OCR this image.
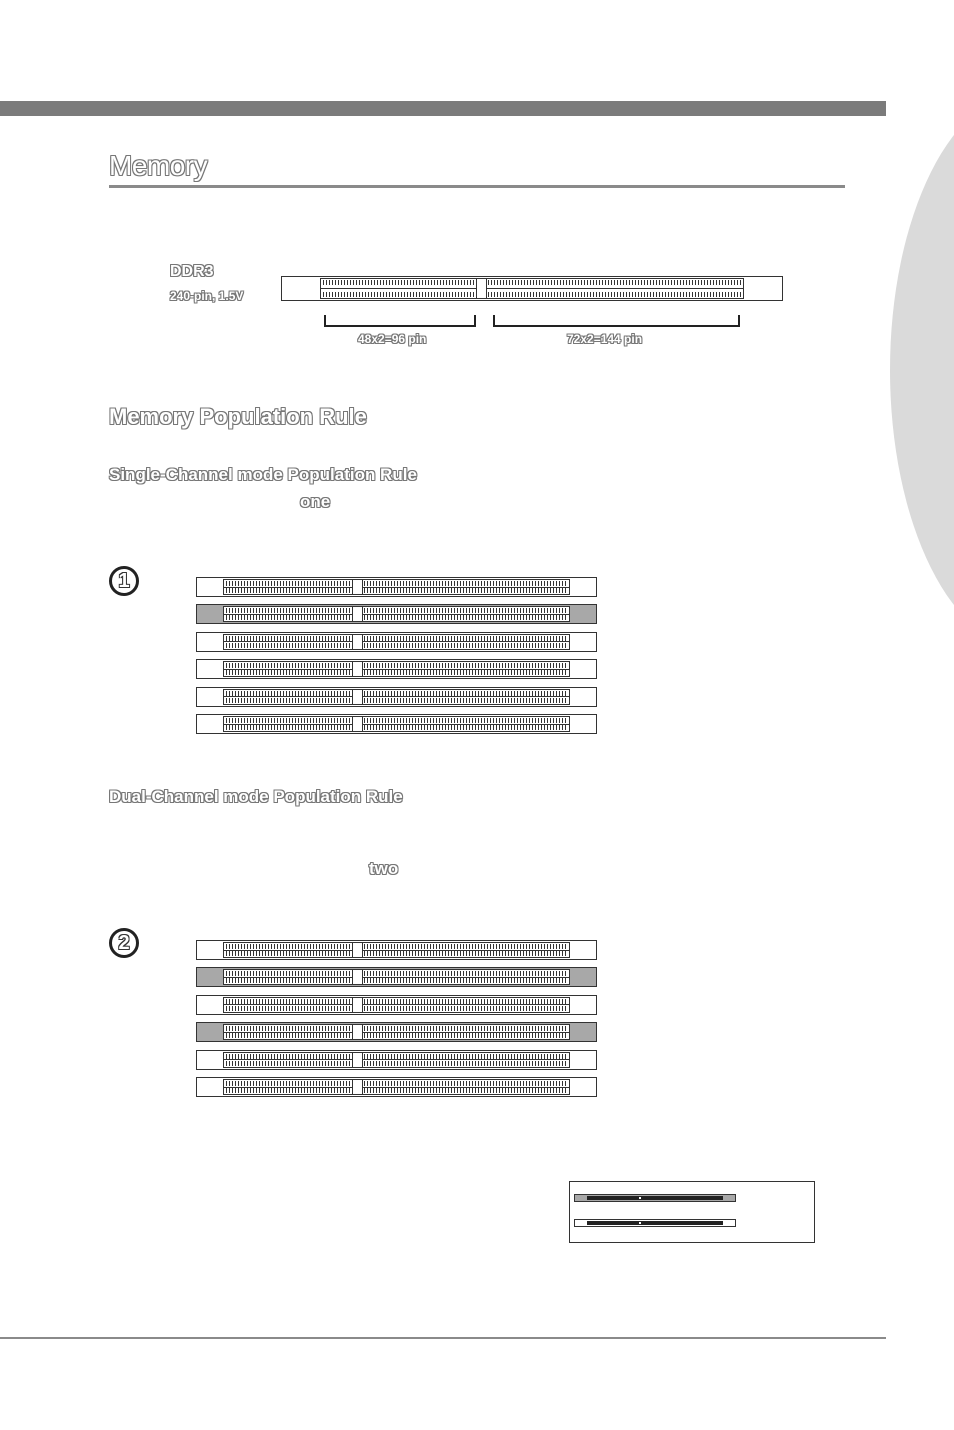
Memory
DDR3
240-pin, 1.5V
48x2=96 pin	72x2=144 pin
Memory Population Rule
Single-Channel mode Population Rule
one
1
Dual-Channel mode Population Rule
two
2
